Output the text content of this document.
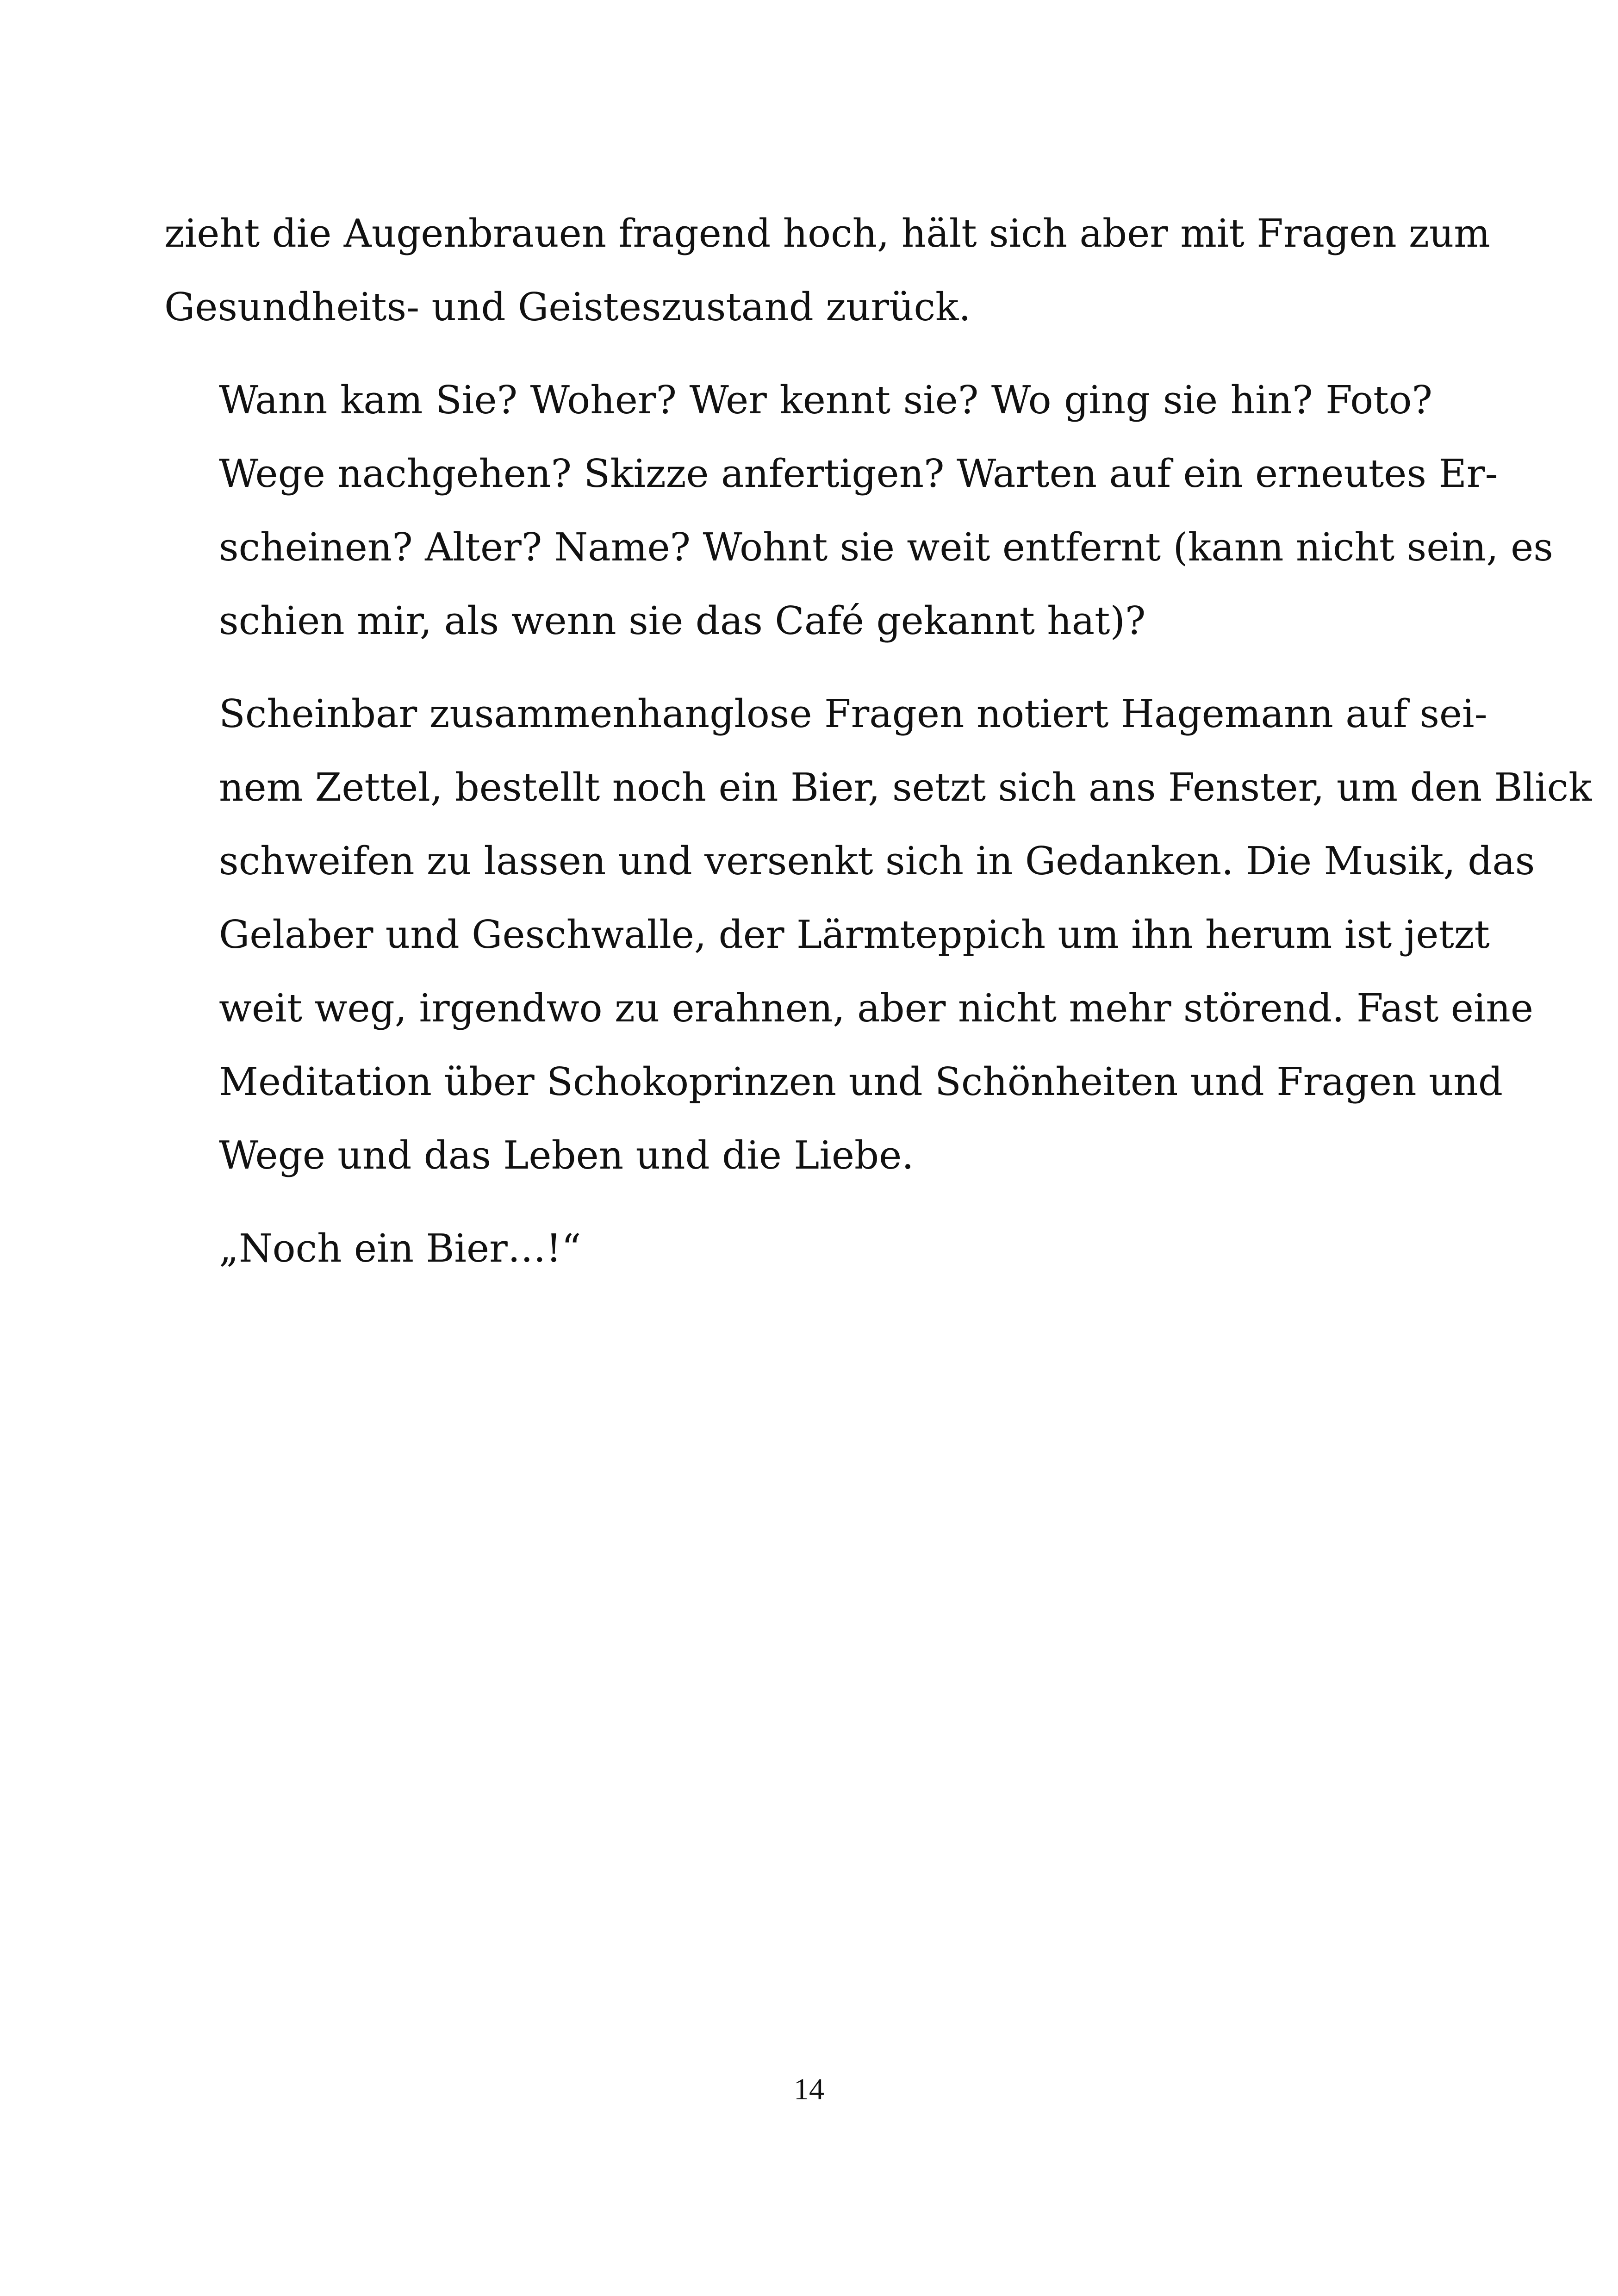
zieht die Augenbrauen fragend hoch, hält sich aber mit Fragen zum
Gesundheits- und Geisteszustand zurück.

Wann kam Sie? Woher? Wer kennt sie? Wo ging sie hin? Foto?
Wege nachgehen? Skizze anfertigen? Warten auf ein erneutes Er-
scheinen? Alter? Name? Wohnt sie weit entfernt (kann nicht sein, es
schien mir, als wenn sie das Café gekannt hat)?

Scheinbar zusammenhanglose Fragen notiert Hagemann auf sei-
nem Zettel, bestellt noch ein Bier, setzt sich ans Fenster, um den Blick
schweifen zu lassen und versenkt sich in Gedanken. Die Musik, das
Gelaber und Geschwalle, der Lärmteppich um ihn herum ist jetzt
weit weg, irgendwo zu erahnen, aber nicht mehr störend. Fast eine
Meditation über Schokoprinzen und Schönheiten und Fragen und
Wege und das Leben und die Liebe.

„Noch ein Bier…!“

14
